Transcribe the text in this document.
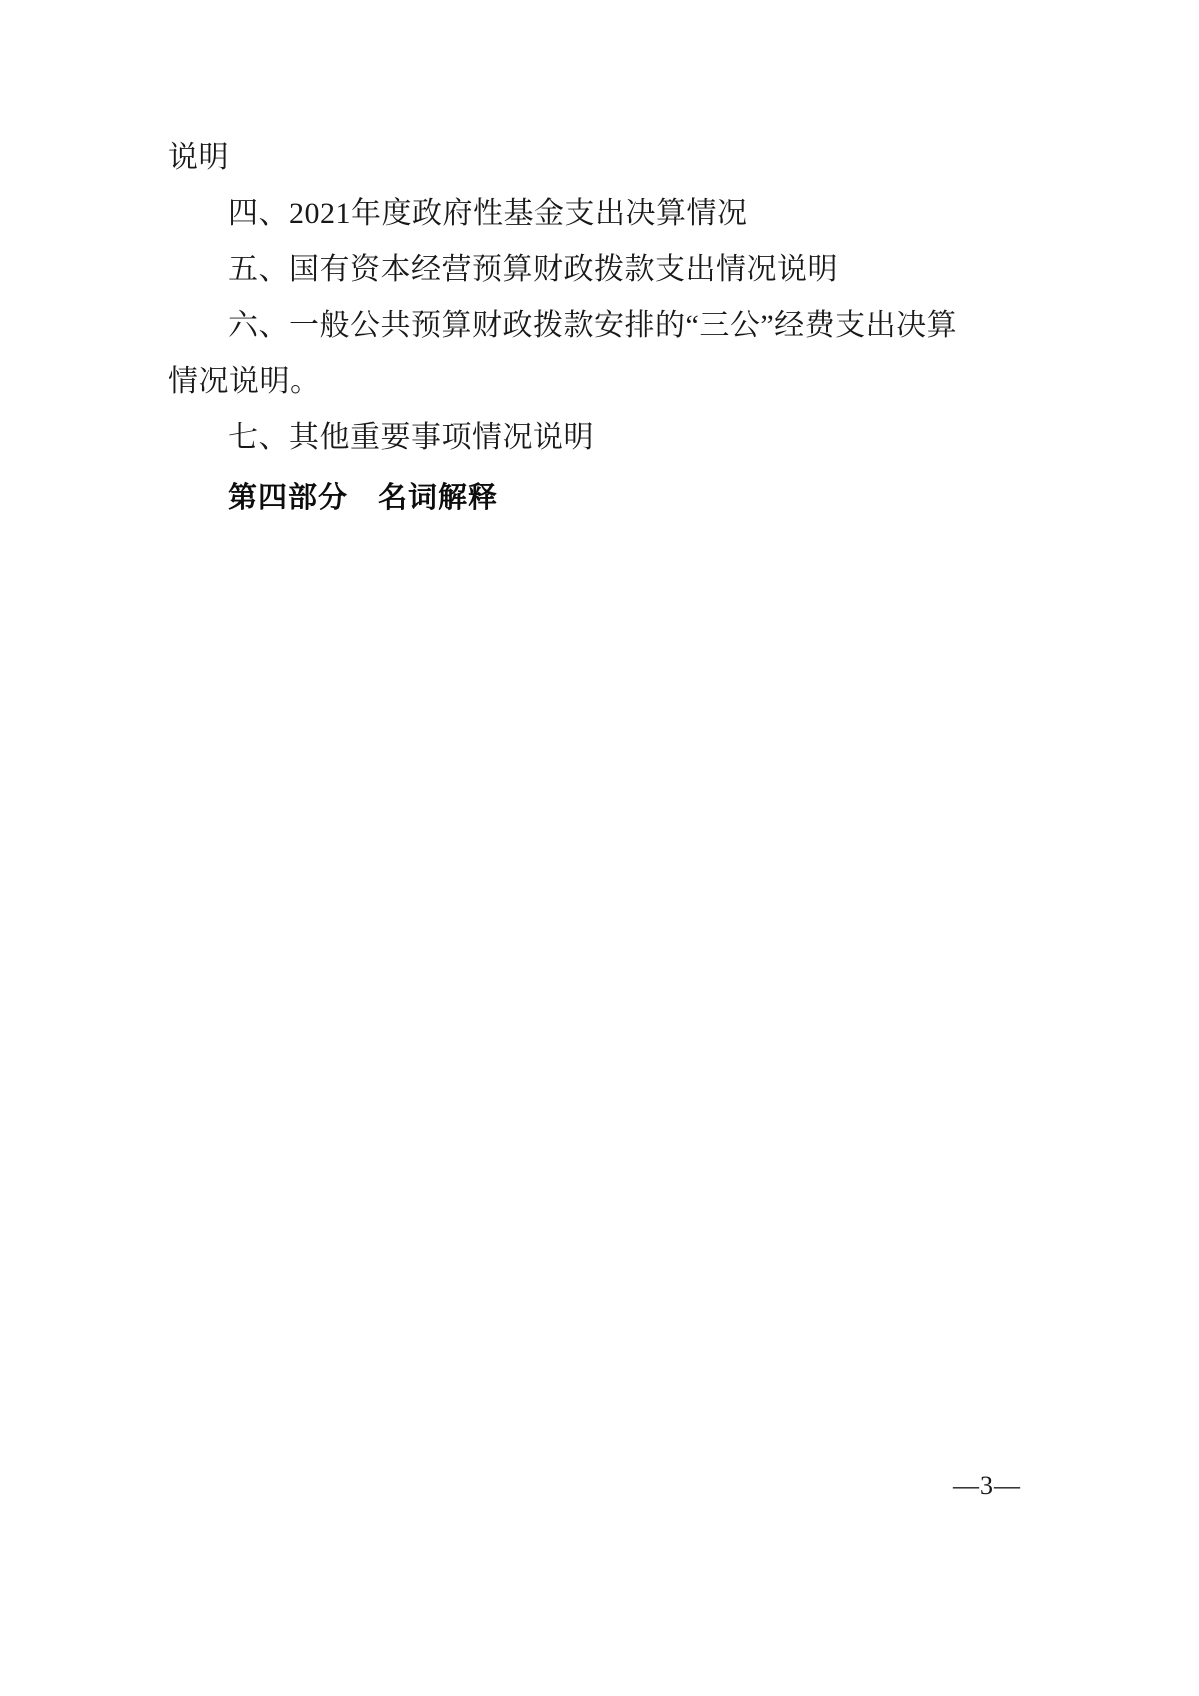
说明
四、2021年度政府性基金支出决算情况
五、国有资本经营预算财政拨款支出情况说明
六、一般公共预算财政拨款安排的“三公”经费支出决算
情况说明。
七、其他重要事项情况说明
第四部分　名词解释
—3—
